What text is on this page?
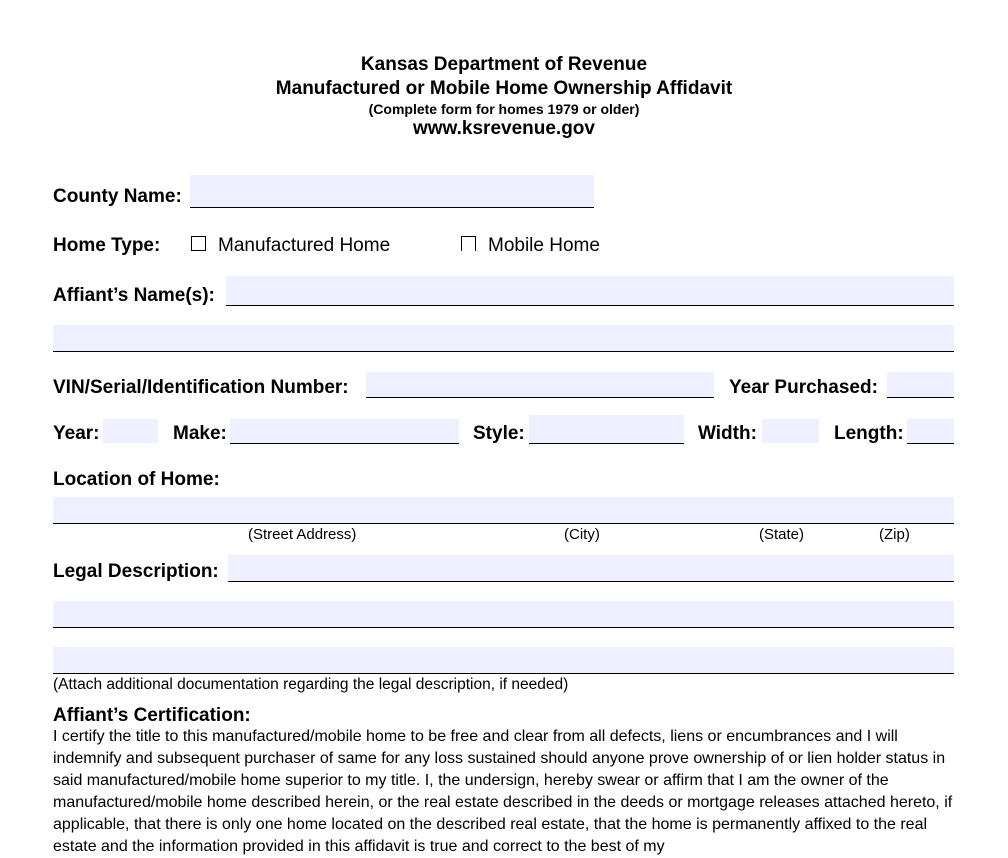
Kansas Department of Revenue
Manufactured or Mobile Home Ownership Affidavit
(Complete form for homes 1979 or older)
www.ksrevenue.gov
County Name:
Home Type:	Manufactured Home	Mobile Home
Affiant’s Name(s):
VIN/Serial/Identification Number:	Year Purchased:
Year:	Make:	Style:	Width:	Length:
Location of Home:
(Street Address)	(City)	(State)	(Zip)
Legal Description:
(Attach additional documentation regarding the legal description, if needed)
Affiant’s Certification:
I certify the title to this manufactured/mobile home to be free and clear from all defects, liens or encumbrances and I will indemnify and subsequent purchaser of same for any loss sustained should anyone prove ownership of or lien holder status in said manufactured/mobile home superior to my title. I, the undersign, hereby swear or affirm that I am the owner of the manufactured/mobile home described herein, or the real estate described in the deeds or mortgage releases attached hereto, if applicable, that there is only one home located on the described real estate, that the home is permanently affixed to the real estate and the information provided in this affidavit is true and correct to the best of my
